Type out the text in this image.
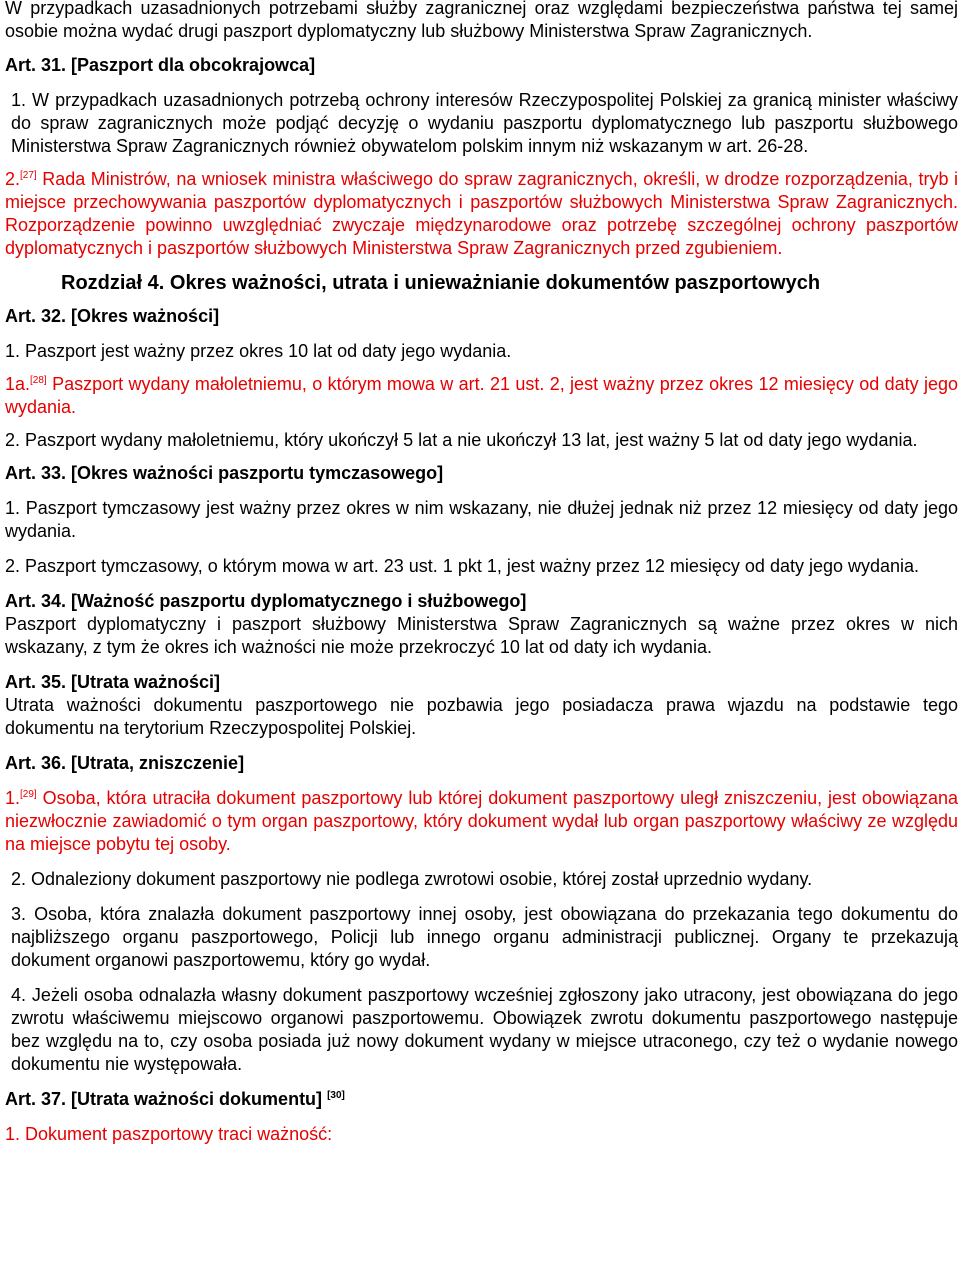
W przypadkach uzasadnionych potrzebami służby zagranicznej oraz względami bezpieczeństwa państwa tej samej osobie można wydać drugi paszport dyplomatyczny lub służbowy Ministerstwa Spraw Zagranicznych.

Art. 31. [Paszport dla obcokrajowca]

1. W przypadkach uzasadnionych potrzebą ochrony interesów Rzeczypospolitej Polskiej za granicą minister właściwy do spraw zagranicznych może podjąć decyzję o wydaniu paszportu dyplomatycznego lub paszportu służbowego Ministerstwa Spraw Zagranicznych również obywatelom polskim innym niż wskazanym w art. 26-28.

2.[27] Rada Ministrów, na wniosek ministra właściwego do spraw zagranicznych, określi, w drodze rozporządzenia, tryb i miejsce przechowywania paszportów dyplomatycznych i paszportów służbowych Ministerstwa Spraw Zagranicznych. Rozporządzenie powinno uwzględniać zwyczaje międzynarodowe oraz potrzebę szczególnej ochrony paszportów dyplomatycznych i paszportów służbowych Ministerstwa Spraw Zagranicznych przed zgubieniem.

Rozdział 4. Okres ważności, utrata i unieważnianie dokumentów paszportowych

Art. 32. [Okres ważności]

1. Paszport jest ważny przez okres 10 lat od daty jego wydania.

1a.[28] Paszport wydany małoletniemu, o którym mowa w art. 21 ust. 2, jest ważny przez okres 12 miesięcy od daty jego wydania.

2. Paszport wydany małoletniemu, który ukończył 5 lat a nie ukończył 13 lat, jest ważny 5 lat od daty jego wydania.

Art. 33. [Okres ważności paszportu tymczasowego]

1. Paszport tymczasowy jest ważny przez okres w nim wskazany, nie dłużej jednak niż przez 12 miesięcy od daty jego wydania.

2. Paszport tymczasowy, o którym mowa w art. 23 ust. 1 pkt 1, jest ważny przez 12 miesięcy od daty jego wydania.

Art. 34. [Ważność paszportu dyplomatycznego i służbowego]

Paszport dyplomatyczny i paszport służbowy Ministerstwa Spraw Zagranicznych są ważne przez okres w nich wskazany, z tym że okres ich ważności nie może przekroczyć 10 lat od daty ich wydania.

Art. 35. [Utrata ważności]

Utrata ważności dokumentu paszportowego nie pozbawia jego posiadacza prawa wjazdu na podstawie tego dokumentu na terytorium Rzeczypospolitej Polskiej.

Art. 36. [Utrata, zniszczenie]

1.[29] Osoba, która utraciła dokument paszportowy lub której dokument paszportowy uległ zniszczeniu, jest obowiązana niezwłocznie zawiadomić o tym organ paszportowy, który dokument wydał lub organ paszportowy właściwy ze względu na miejsce pobytu tej osoby.

2. Odnaleziony dokument paszportowy nie podlega zwrotowi osobie, której został uprzednio wydany.

3. Osoba, która znalazła dokument paszportowy innej osoby, jest obowiązana do przekazania tego dokumentu do najbliższego organu paszportowego, Policji lub innego organu administracji publicznej. Organy te przekazują dokument organowi paszportowemu, który go wydał.

4. Jeżeli osoba odnalazła własny dokument paszportowy wcześniej zgłoszony jako utracony, jest obowiązana do jego zwrotu właściwemu miejscowo organowi paszportowemu. Obowiązek zwrotu dokumentu paszportowego następuje bez względu na to, czy osoba posiada już nowy dokument wydany w miejsce utraconego, czy też o wydanie nowego dokumentu nie występowała.

Art. 37. [Utrata ważności dokumentu] [30]

1. Dokument paszportowy traci ważność:
